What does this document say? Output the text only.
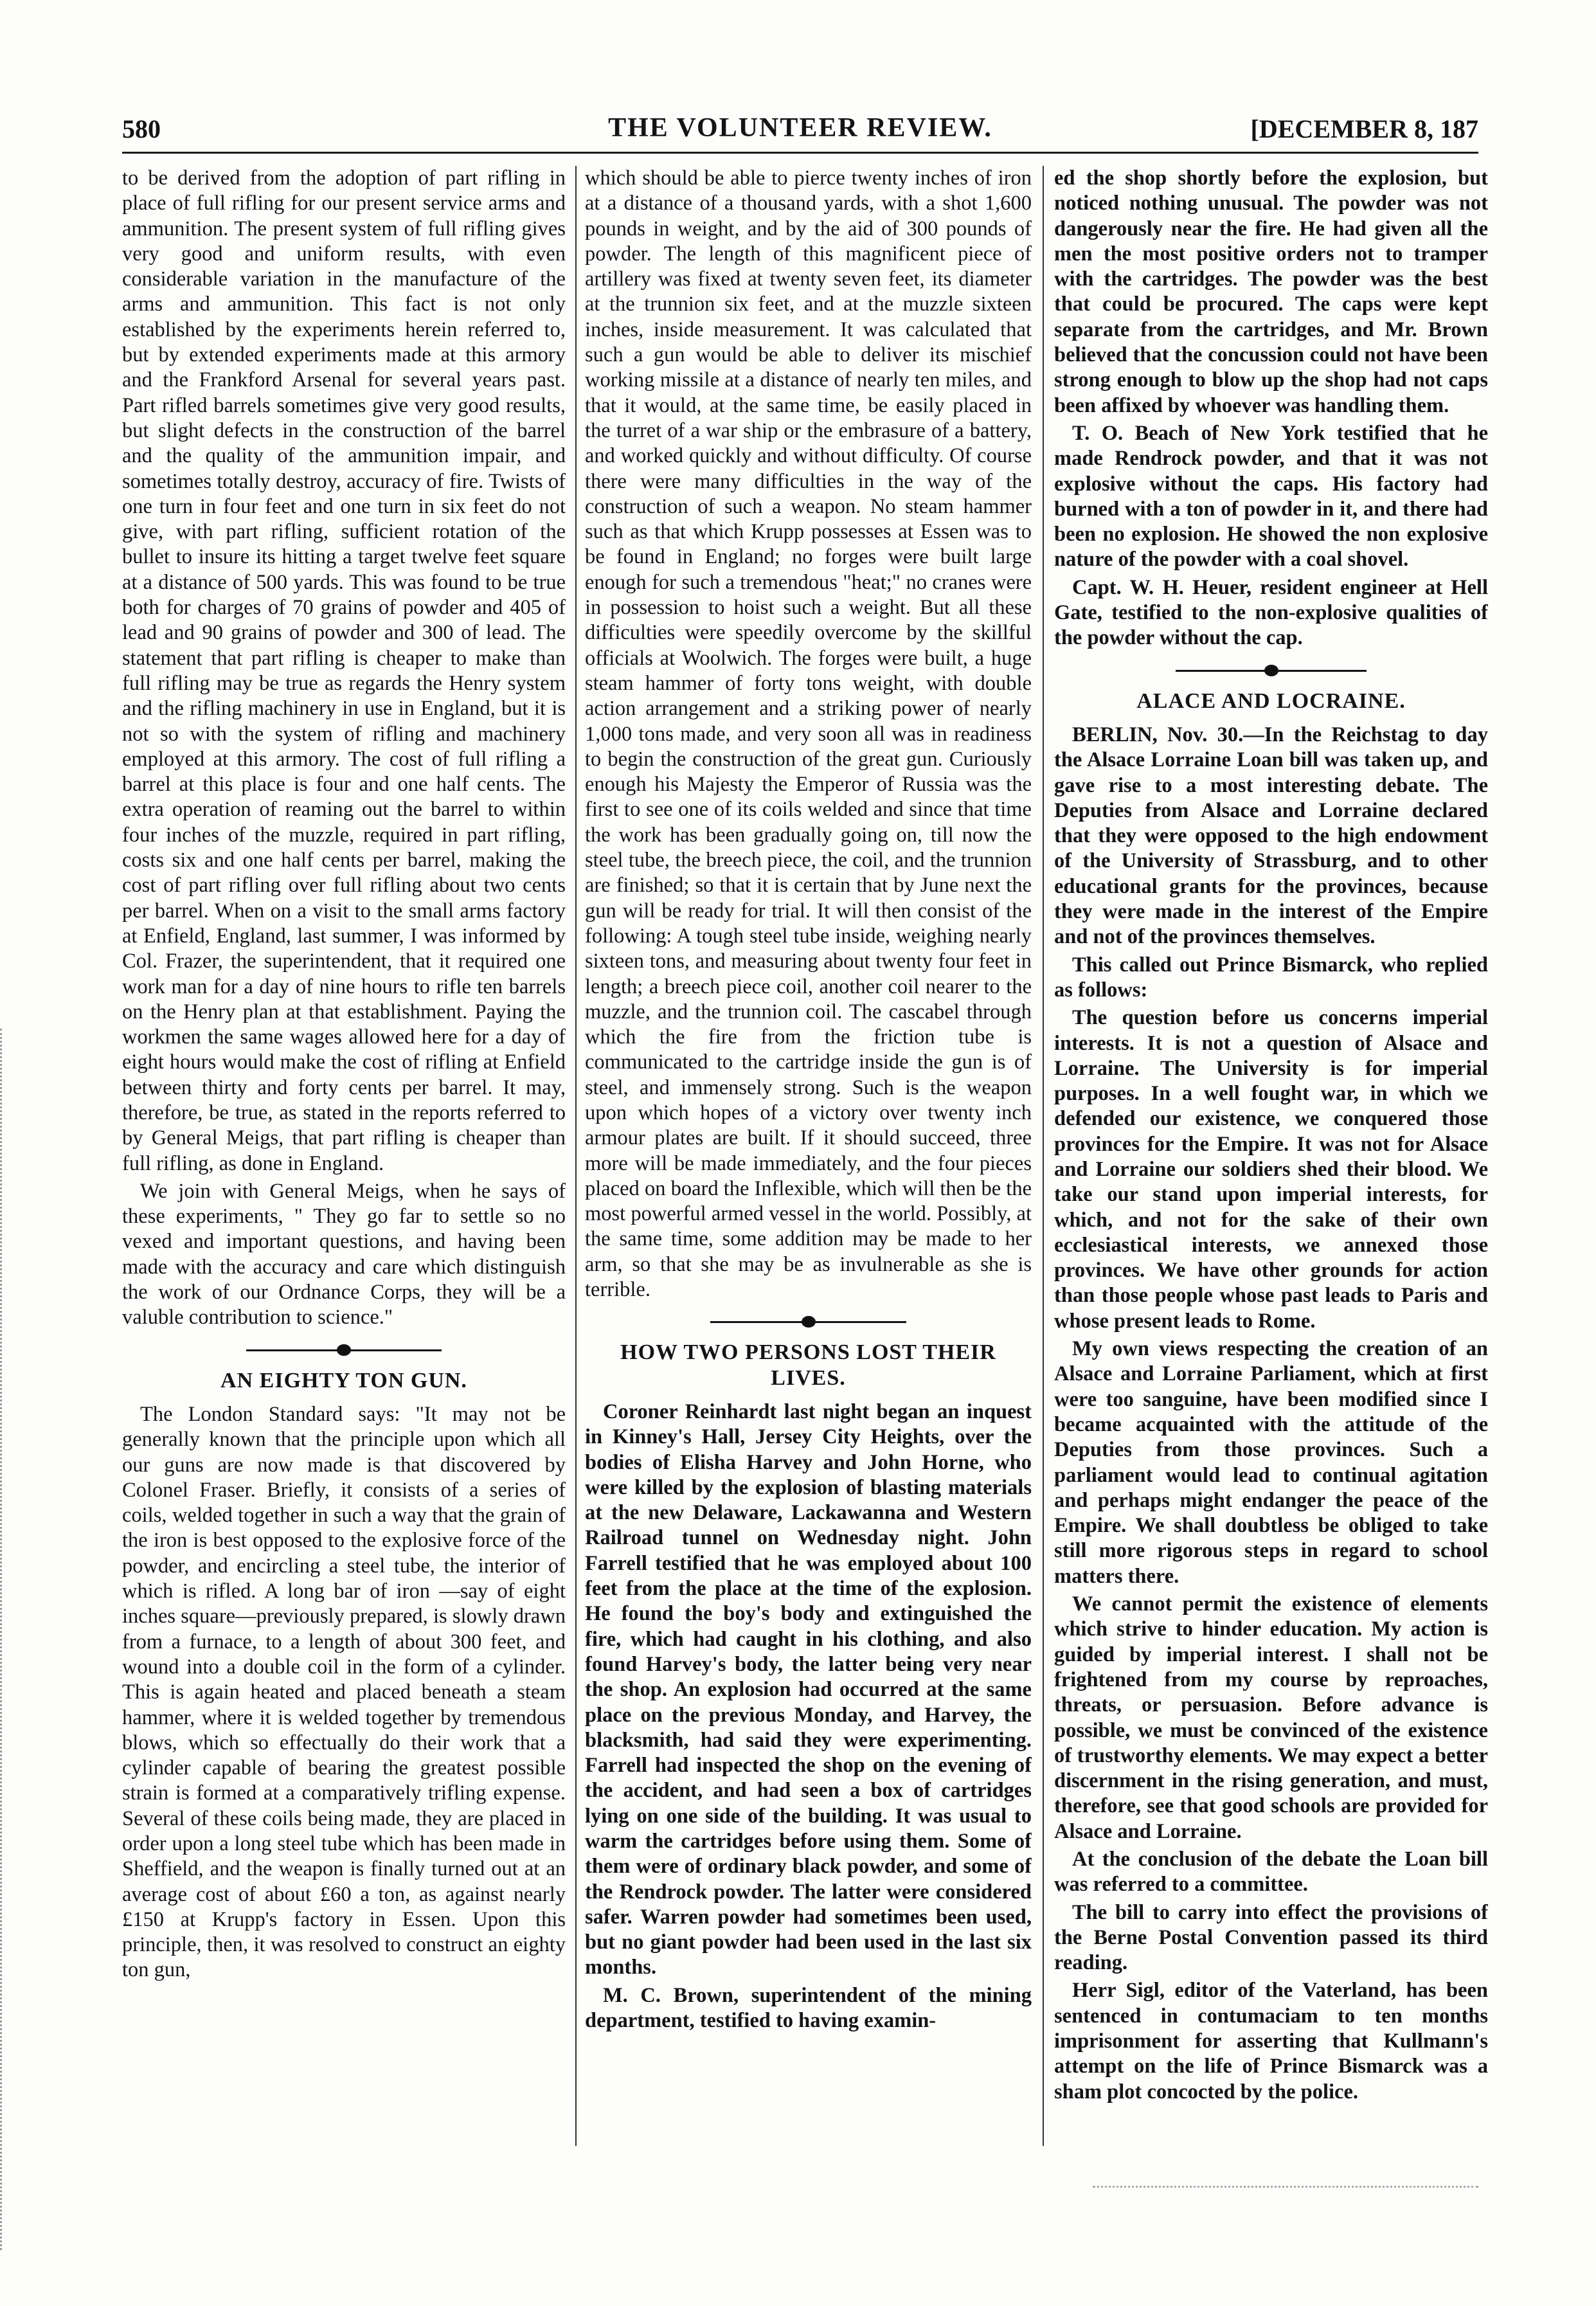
580	THE VOLUNTEER REVIEW.	[DECEMBER 8, 187

to be derived from the adoption of part rifling in place of full rifling for our present service arms and ammunition. The present system of full rifling gives very good and uniform results, with even considerable variation in the manufacture of the arms and ammunition. This fact is not only established by the experiments herein referred to, but by extended experiments made at this armory and the Frankford Arsenal for several years past. Part rifled barrels sometimes give very good results, but slight defects in the construction of the barrel and the quality of the ammunition impair, and sometimes totally destroy, accuracy of fire. Twists of one turn in four feet and one turn in six feet do not give, with part rifling, sufficient rotation of the bullet to insure its hitting a target twelve feet square at a distance of 500 yards. This was found to be true both for charges of 70 grains of powder and 405 of lead and 90 grains of powder and 300 of lead. The statement that part rifling is cheaper to make than full rifling may be true as regards the Henry system and the rifling machinery in use in England, but it is not so with the system of rifling and machinery employed at this armory. The cost of full rifling a barrel at this place is four and one half cents. The extra operation of reaming out the barrel to within four inches of the muzzle, required in part rifling, costs six and one half cents per barrel, making the cost of part rifling over full rifling about two cents per barrel. When on a visit to the small arms factory at Enfield, England, last summer, I was informed by Col. Frazer, the superintendent, that it required one work man for a day of nine hours to rifle ten barrels on the Henry plan at that establishment. Paying the workmen the same wages allowed here for a day of eight hours would make the cost of rifling at Enfield between thirty and forty cents per barrel. It may, therefore, be true, as stated in the reports referred to by General Meigs, that part rifling is cheaper than full rifling, as done in England.

We join with General Meigs, when he says of these experiments, " They go far to settle so no vexed and important questions, and having been made with the accuracy and care which distinguish the work of our Ordnance Corps, they will be a valuble contribution to science."

AN EIGHTY TON GUN.

The London Standard says: "It may not be generally known that the principle upon which all our guns are now made is that discovered by Colonel Fraser. Briefly, it consists of a series of coils, welded together in such a way that the grain of the iron is best opposed to the explosive force of the powder, and encircling a steel tube, the interior of which is rifled. A long bar of iron —say of eight inches square—previously prepared, is slowly drawn from a furnace, to a length of about 300 feet, and wound into a double coil in the form of a cylinder. This is again heated and placed beneath a steam hammer, where it is welded together by tremendous blows, which so effectually do their work that a cylinder capable of bearing the greatest possible strain is formed at a comparatively trifling expense. Several of these coils being made, they are placed in order upon a long steel tube which has been made in Sheffield, and the weapon is finally turned out at an average cost of about £60 a ton, as against nearly £150 at Krupp's factory in Essen. Upon this principle, then, it was resolved to construct an eighty ton gun,

which should be able to pierce twenty inches of iron at a distance of a thousand yards, with a shot 1,600 pounds in weight, and by the aid of 300 pounds of powder. The length of this magnificent piece of artillery was fixed at twenty seven feet, its diameter at the trunnion six feet, and at the muzzle sixteen inches, inside measurement. It was calculated that such a gun would be able to deliver its mischief working missile at a distance of nearly ten miles, and that it would, at the same time, be easily placed in the turret of a war ship or the embrasure of a battery, and worked quickly and without difficulty. Of course there were many difficulties in the way of the construction of such a weapon. No steam hammer such as that which Krupp possesses at Essen was to be found in England; no forges were built large enough for such a tremendous "heat;" no cranes were in possession to hoist such a weight. But all these difficulties were speedily overcome by the skillful officials at Woolwich. The forges were built, a huge steam hammer of forty tons weight, with double action arrangement and a striking power of nearly 1,000 tons made, and very soon all was in readiness to begin the construction of the great gun. Curiously enough his Majesty the Emperor of Russia was the first to see one of its coils welded and since that time the work has been gradually going on, till now the steel tube, the breech piece, the coil, and the trunnion are finished; so that it is certain that by June next the gun will be ready for trial. It will then consist of the following: A tough steel tube inside, weighing nearly sixteen tons, and measuring about twenty four feet in length; a breech piece coil, another coil nearer to the muzzle, and the trunnion coil. The cascabel through which the fire from the friction tube is communicated to the cartridge inside the gun is of steel, and immensely strong. Such is the weapon upon which hopes of a victory over twenty inch armour plates are built. If it should succeed, three more will be made immediately, and the four pieces placed on board the Inflexible, which will then be the most powerful armed vessel in the world. Possibly, at the same time, some addition may be made to her arm, so that she may be as invulnerable as she is terrible.

HOW TWO PERSONS LOST THEIR LIVES.

Coroner Reinhardt last night began an inquest in Kinney's Hall, Jersey City Heights, over the bodies of Elisha Harvey and John Horne, who were killed by the explosion of blasting materials at the new Delaware, Lackawanna and Western Railroad tunnel on Wednesday night. John Farrell testified that he was employed about 100 feet from the place at the time of the explosion. He found the boy's body and extinguished the fire, which had caught in his clothing, and also found Harvey's body, the latter being very near the shop. An explosion had occurred at the same place on the previous Monday, and Harvey, the blacksmith, had said they were experimenting. Farrell had inspected the shop on the evening of the accident, and had seen a box of cartridges lying on one side of the building. It was usual to warm the cartridges before using them. Some of them were of ordinary black powder, and some of the Rendrock powder. The latter were considered safer. Warren powder had sometimes been used, but no giant powder had been used in the last six months.

M. C. Brown, superintendent of the mining department, testified to having examin-

ed the shop shortly before the explosion, but noticed nothing unusual. The powder was not dangerously near the fire. He had given all the men the most positive orders not to tramper with the cartridges. The powder was the best that could be procured. The caps were kept separate from the cartridges, and Mr. Brown believed that the concussion could not have been strong enough to blow up the shop had not caps been affixed by whoever was handling them.

T. O. Beach of New York testified that he made Rendrock powder, and that it was not explosive without the caps. His factory had burned with a ton of powder in it, and there had been no explosion. He showed the non explosive nature of the powder with a coal shovel.

Capt. W. H. Heuer, resident engineer at Hell Gate, testified to the non-explosive qualities of the powder without the cap.

ALACE AND LOCRAINE.

BERLIN, Nov. 30.—In the Reichstag to day the Alsace Lorraine Loan bill was taken up, and gave rise to a most interesting debate. The Deputies from Alsace and Lorraine declared that they were opposed to the high endowment of the University of Strassburg, and to other educational grants for the provinces, because they were made in the interest of the Empire and not of the provinces themselves.

This called out Prince Bismarck, who replied as follows:

The question before us concerns imperial interests. It is not a question of Alsace and Lorraine. The University is for imperial purposes. In a well fought war, in which we defended our existence, we conquered those provinces for the Empire. It was not for Alsace and Lorraine our soldiers shed their blood. We take our stand upon imperial interests, for which, and not for the sake of their own ecclesiastical interests, we annexed those provinces. We have other grounds for action than those people whose past leads to Paris and whose present leads to Rome.

My own views respecting the creation of an Alsace and Lorraine Parliament, which at first were too sanguine, have been modified since I became acquainted with the attitude of the Deputies from those provinces. Such a parliament would lead to continual agitation and perhaps might endanger the peace of the Empire. We shall doubtless be obliged to take still more rigorous steps in regard to school matters there.

We cannot permit the existence of elements which strive to hinder education. My action is guided by imperial interest. I shall not be frightened from my course by reproaches, threats, or persuasion. Before advance is possible, we must be convinced of the existence of trustworthy elements. We may expect a better discernment in the rising generation, and must, therefore, see that good schools are provided for Alsace and Lorraine.

At the conclusion of the debate the Loan bill was referred to a committee.

The bill to carry into effect the provisions of the Berne Postal Convention passed its third reading.

Herr Sigl, editor of the Vaterland, has been sentenced in contumaciam to ten months imprisonment for asserting that Kullmann's attempt on the life of Prince Bismarck was a sham plot concocted by the police.
